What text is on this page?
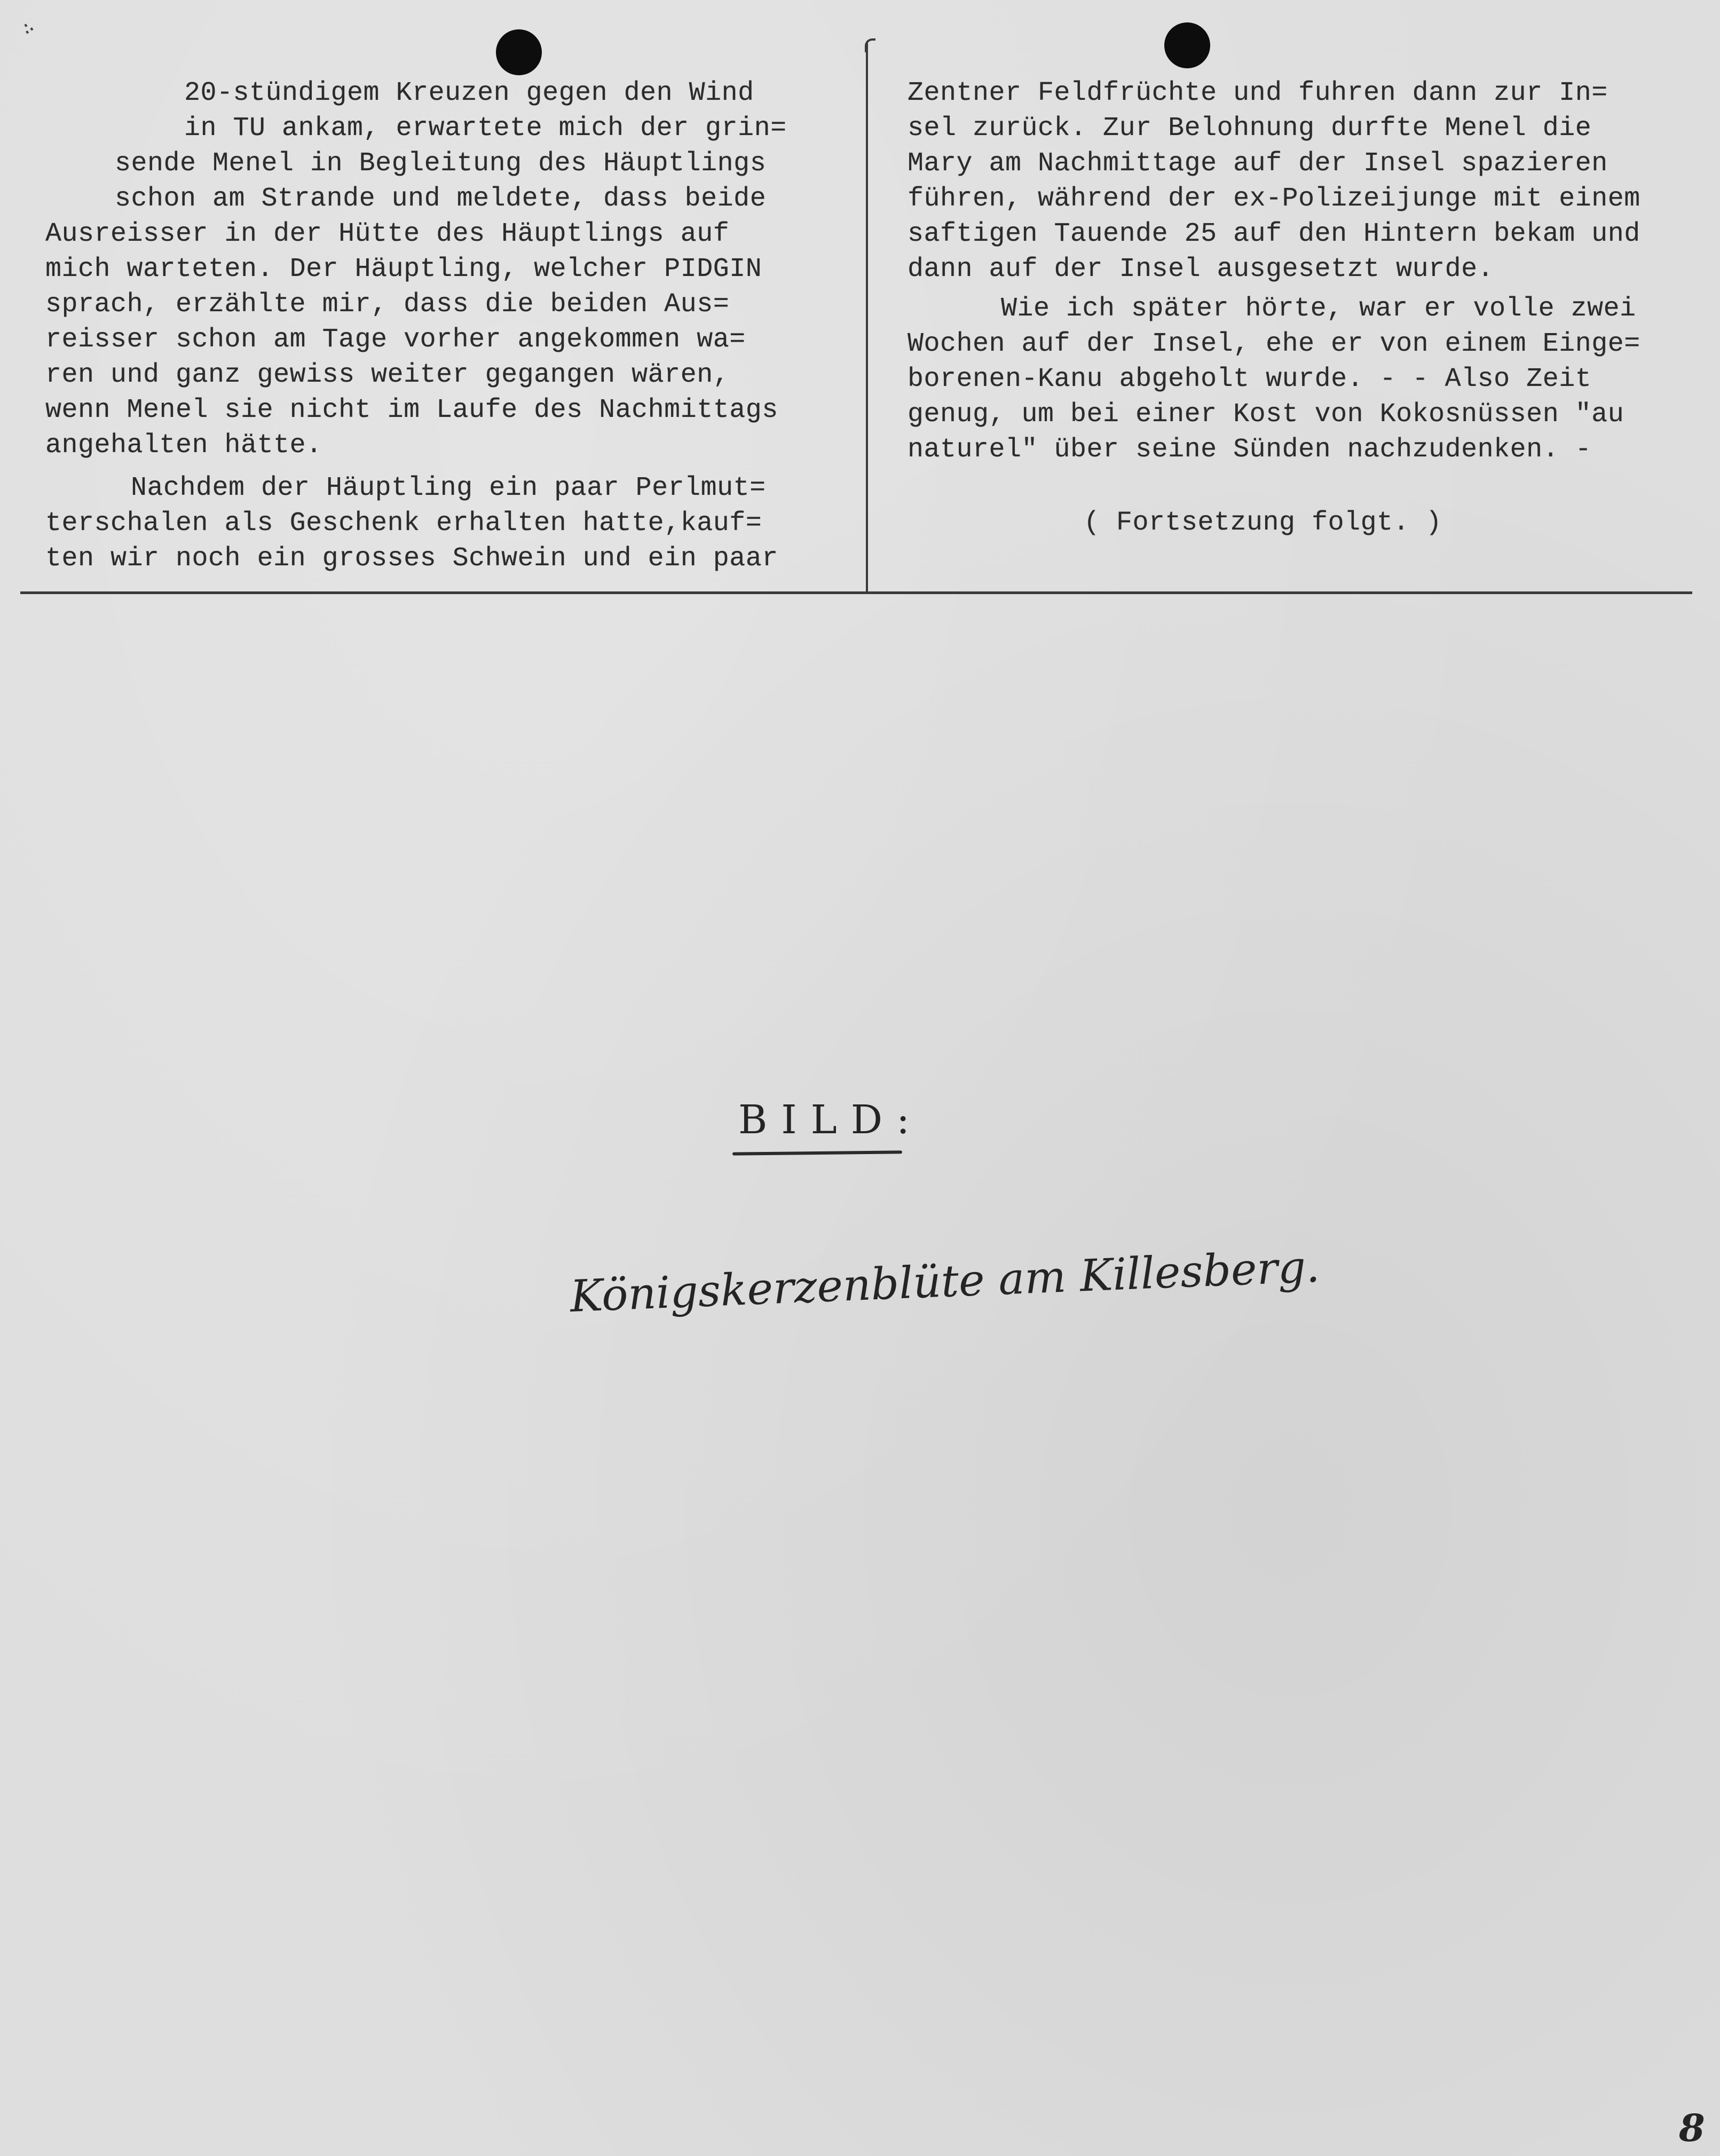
∴

20-stündigem Kreuzen gegen den Wind

in TU ankam, erwartete mich der grin=

sende Menel in Begleitung des Häuptlings

schon am Strande und meldete, dass beide

Ausreisser in der Hütte des Häuptlings auf

mich warteten. Der Häuptling, welcher PIDGIN

sprach, erzählte mir, dass die beiden Aus=

reisser schon am Tage vorher angekommen wa=

ren und ganz gewiss weiter gegangen wären,

wenn Menel sie nicht im Laufe des Nachmittags

angehalten hätte.

Nachdem der Häuptling ein paar Perlmut=

terschalen als Geschenk erhalten hatte,kauf=

ten wir noch ein grosses Schwein und ein paar

Zentner Feldfrüchte und fuhren dann zur In=

sel zurück. Zur Belohnung durfte Menel die

Mary am Nachmittage auf der Insel spazieren

führen, während der ex-Polizeijunge mit einem

saftigen Tauende 25 auf den Hintern bekam und

dann auf der Insel ausgesetzt wurde.

Wie ich später hörte, war er volle zwei

Wochen auf der Insel, ehe er von einem Einge=

borenen-Kanu abgeholt wurde. - - Also Zeit

genug, um bei einer Kost von Kokosnüssen "au

naturel" über seine Sünden nachzudenken. -

( Fortsetzung folgt. )

BILD:
Königskerzenblüte am Killesberg.
8
